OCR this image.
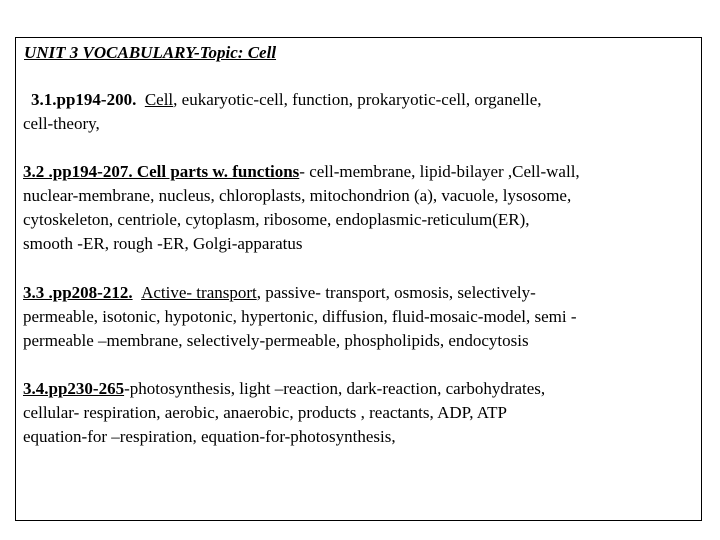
UNIT 3 VOCABULARY-Topic: Cell

3.1.pp194-200. Cell, eukaryotic-cell, function, prokaryotic-cell, organelle,
cell-theory,

3.2 .pp194-207. Cell parts w. functions- cell-membrane, lipid-bilayer ,Cell-wall,
nuclear-membrane, nucleus, chloroplasts, mitochondrion (a), vacuole, lysosome,
cytoskeleton, centriole, cytoplasm, ribosome, endoplasmic-reticulum(ER),
smooth -ER, rough -ER, Golgi-apparatus

3.3 .pp208-212. Active- transport, passive- transport, osmosis, selectively-
permeable, isotonic, hypotonic, hypertonic, diffusion, fluid-mosaic-model, semi -
permeable –membrane, selectively-permeable, phospholipids, endocytosis

3.4.pp230-265-photosynthesis, light –reaction, dark-reaction, carbohydrates,
cellular- respiration, aerobic, anaerobic, products , reactants, ADP, ATP
equation-for –respiration, equation-for-photosynthesis,
